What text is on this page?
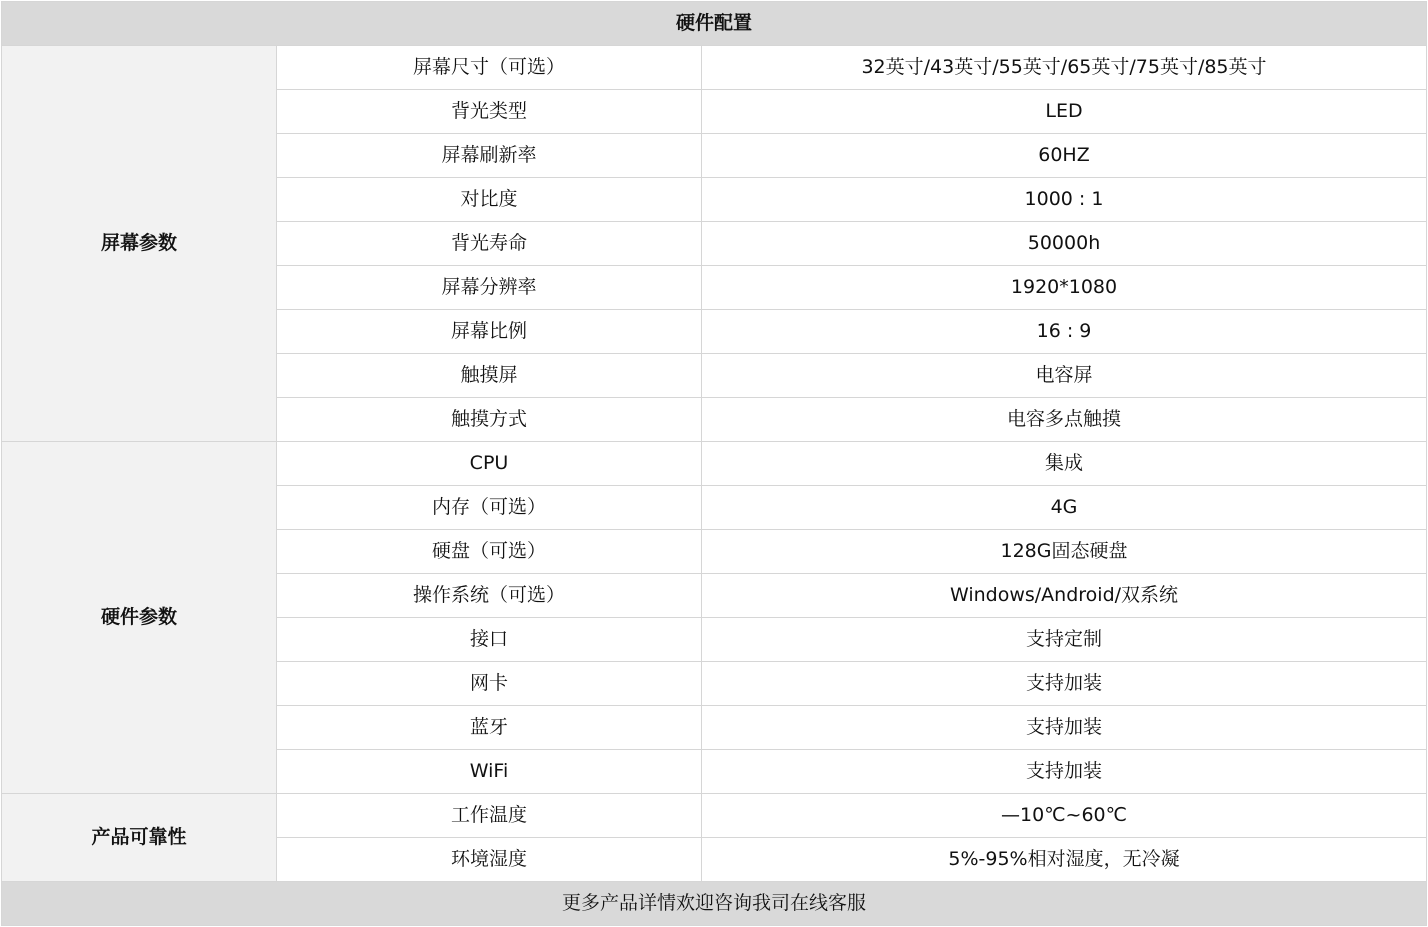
硬件配置		
屏幕参数	屏幕尺寸（可选）	32英寸/43英寸/55英寸/65英寸/75英寸/85英寸
	背光类型	LED
	屏幕刷新率	60HZ
	对比度	1000 : 1
	背光寿命	50000h
	屏幕分辨率	1920*1080
	屏幕比例	16 : 9
	触摸屏	电容屏
	触摸方式	电容多点触摸
硬件参数	CPU	集成
	内存（可选）	4G
	硬盘（可选）	128G固态硬盘
	操作系统（可选）	Windows/Android/双系统
	接口	支持定制
	网卡	支持加装
	蓝牙	支持加装
	WiFi	支持加装
产品可靠性	工作温度	—10℃~60℃
	环境湿度	5%-95%相对湿度，无冷凝
更多产品详情欢迎咨询我司在线客服		
